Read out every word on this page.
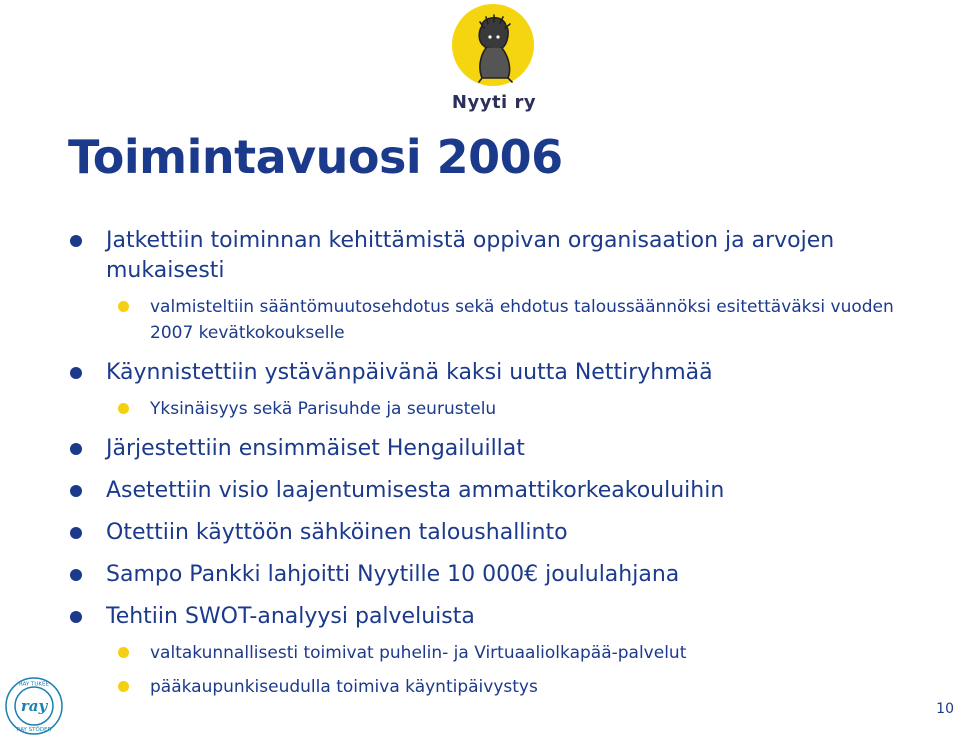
Nyyti ry
Toimintavuosi 2006
Jatkettiin toiminnan kehittämistä oppivan organisaation ja arvojen mukaisesti
valmisteltiin sääntömuutosehdotus sekä ehdotus taloussäännöksi esitettäväksi vuoden 2007 kevätkokoukselle
Käynnistettiin ystävänpäivänä kaksi uutta Nettiryhmää
Yksinäisyys sekä Parisuhde ja seurustelu
Järjestettiin ensimmäiset Hengailuillat
Asetettiin visio laajentumisesta ammattikorkeakouluihin
Otettiin käyttöön sähköinen taloushallinto
Sampo Pankki lahjoitti Nyytille 10 000€ joululahjana
Tehtiin SWOT-analyysi palveluista
valtakunnallisesti toimivat puhelin- ja Virtuaaliolkapää-palvelut
pääkaupunkiseudulla toimiva käyntipäivystys
ray
RAY TUKEE
RAY STÖDER
10
